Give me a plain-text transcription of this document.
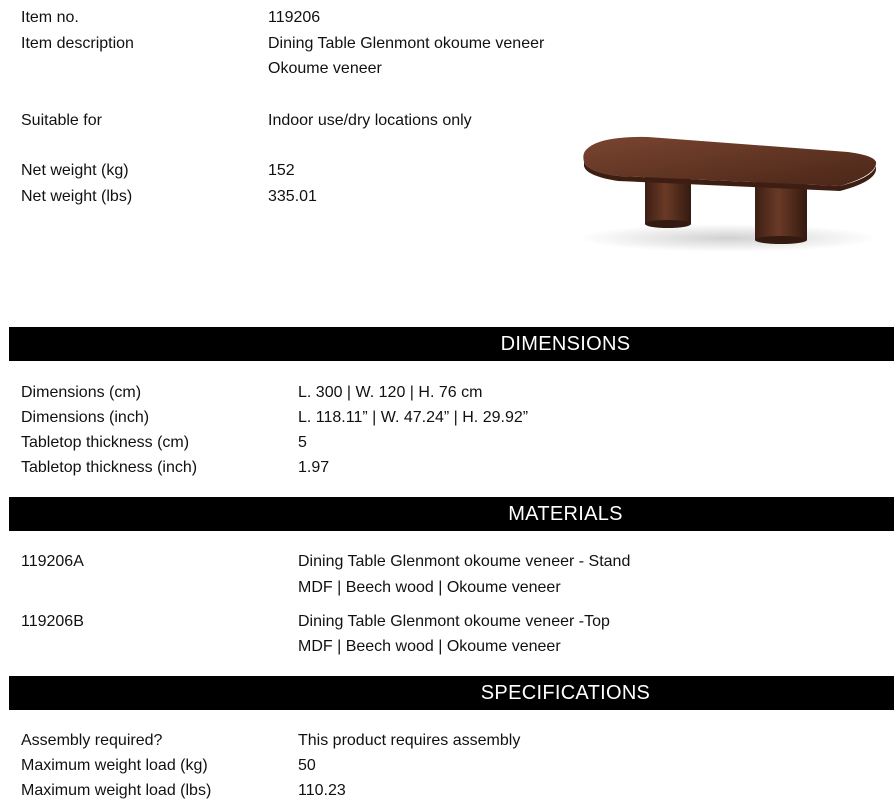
Item no.	119206
Item description	Dining Table Glenmont okoume veneer
Okoume veneer
Suitable for	Indoor use/dry locations only
Net weight (kg)	152
Net weight (lbs)	335.01
DIMENSIONS
Dimensions (cm)	L. 300 | W. 120 | H. 76 cm
Dimensions (inch)	L. 118.11” | W. 47.24” | H. 29.92”
Tabletop thickness (cm)	5
Tabletop thickness (inch)	1.97
MATERIALS
119206A	Dining Table Glenmont okoume veneer - Stand
MDF | Beech wood | Okoume veneer
119206B	Dining Table Glenmont okoume veneer -Top
MDF | Beech wood | Okoume veneer
SPECIFICATIONS
Assembly required?	This product requires assembly
Maximum weight load (kg)	50
Maximum weight load (lbs)	110.23
